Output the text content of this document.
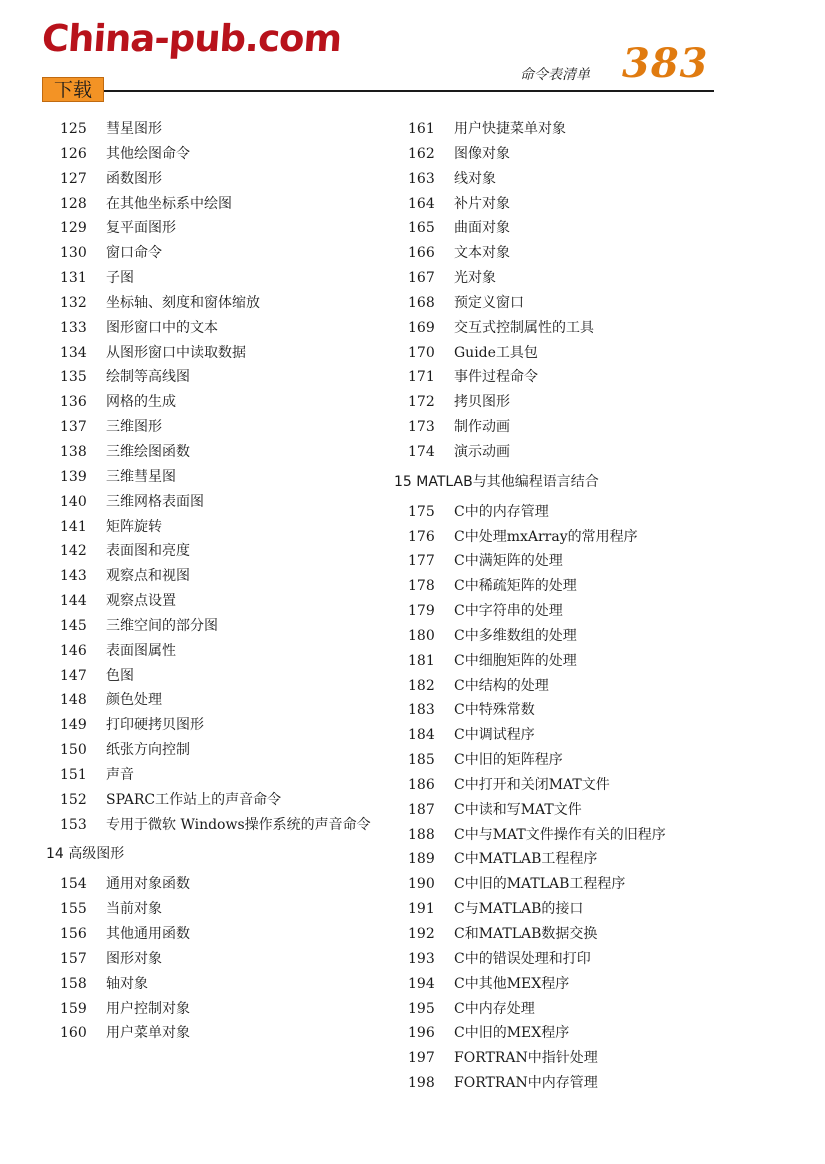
China-pub.com
下载
命令表清单 383
125	彗星图形
126	其他绘图命令
127	函数图形
128	在其他坐标系中绘图
129	复平面图形
130	窗口命令
131	子图
132	坐标轴、刻度和窗体缩放
133	图形窗口中的文本
134	从图形窗口中读取数据
135	绘制等高线图
136	网格的生成
137	三维图形
138	三维绘图函数
139	三维彗星图
140	三维网格表面图
141	矩阵旋转
142	表面图和亮度
143	观察点和视图
144	观察点设置
145	三维空间的部分图
146	表面图属性
147	色图
148	颜色处理
149	打印硬拷贝图形
150	纸张方向控制
151	声音
152	SPARC工作站上的声音命令
153	专用于微软 Windows操作系统的声音命令
14 高级图形
154	通用对象函数
155	当前对象
156	其他通用函数
157	图形对象
158	轴对象
159	用户控制对象
160	用户菜单对象
161	用户快捷菜单对象
162	图像对象
163	线对象
164	补片对象
165	曲面对象
166	文本对象
167	光对象
168	预定义窗口
169	交互式控制属性的工具
170	Guide工具包
171	事件过程命令
172	拷贝图形
173	制作动画
174	演示动画
15 MATLAB与其他编程语言结合
175	C中的内存管理
176	C中处理mxArray的常用程序
177	C中满矩阵的处理
178	C中稀疏矩阵的处理
179	C中字符串的处理
180	C中多维数组的处理
181	C中细胞矩阵的处理
182	C中结构的处理
183	C中特殊常数
184	C中调试程序
185	C中旧的矩阵程序
186	C中打开和关闭MAT文件
187	C中读和写MAT文件
188	C中与MAT文件操作有关的旧程序
189	C中MATLAB工程程序
190	C中旧的MATLAB工程程序
191	C与MATLAB的接口
192	C和MATLAB数据交换
193	C中的错误处理和打印
194	C中其他MEX程序
195	C中内存处理
196	C中旧的MEX程序
197	FORTRAN中指针处理
198	FORTRAN中内存管理
